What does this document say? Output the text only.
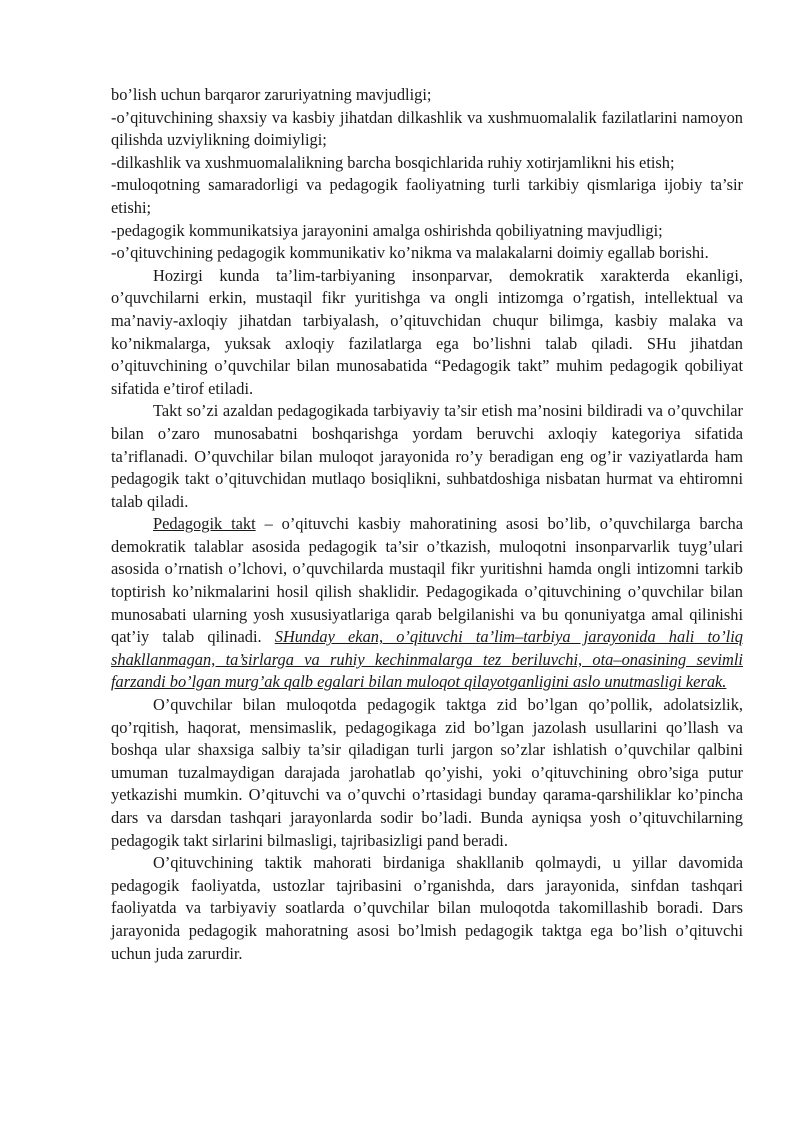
bo’lish uchun barqaror zaruriyatning mavjudligi;

-o’qituvchining shaxsiy va kasbiy jihatdan dilkashlik va xushmuomalalik fazilatlarini namoyon qilishda uzviylikning doimiyligi;

-dilkashlik va xushmuomalalikning barcha bosqichlarida ruhiy xotirjamlikni his etish;

-muloqotning samaradorligi va pedagogik faoliyatning turli tarkibiy qismlariga ijobiy ta’sir etishi;

-pedagogik kommunikatsiya jarayonini amalga oshirishda qobiliyatning mavjudligi;

-o’qituvchining pedagogik kommunikativ ko’nikma va malakalarni doimiy egallab borishi.

Hozirgi kunda ta’lim-tarbiyaning insonparvar, demokratik xarakterda ekanligi, o’quvchilarni erkin, mustaqil fikr yuritishga va ongli intizomga o’rgatish, intellektual va ma’naviy-axloqiy jihatdan tarbiyalash, o’qituvchidan chuqur bilimga, kasbiy malaka va ko’nikmalarga, yuksak axloqiy fazilatlarga ega bo’lishni talab qiladi. SHu jihatdan o’qituvchining o’quvchilar bilan munosabatida “Pedagogik takt” muhim pedagogik qobiliyat sifatida e’tirof etiladi.

Takt so’zi azaldan pedagogikada tarbiyaviy ta’sir etish ma’nosini bildiradi va o’quvchilar bilan o’zaro munosabatni boshqarishga yordam beruvchi axloqiy kategoriya sifatida ta’riflanadi. O’quvchilar bilan muloqot jarayonida ro’y beradigan eng og’ir vaziyatlarda ham pedagogik takt o’qituvchidan mutlaqo bosiqlikni, suhbatdoshiga nisbatan hurmat va ehtiromni talab qiladi.

Pedagogik takt – o’qituvchi kasbiy mahoratining asosi bo’lib, o’quvchilarga barcha demokratik talablar asosida pedagogik ta’sir o’tkazish, muloqotni insonparvarlik tuyg’ulari asosida o’rnatish o’lchovi, o’quvchilarda mustaqil fikr yuritishni hamda ongli intizomni tarkib toptirish ko’nikmalarini hosil qilish shaklidir. Pedagogikada o’qituvchining o’quvchilar bilan munosabati ularning yosh xususiyatlariga qarab belgilanishi va bu qonuniyatga amal qilinishi qat’iy talab qilinadi. SHunday ekan, o’qituvchi ta’lim–tarbiya jarayonida hali to’liq shakllanmagan, ta’sirlarga va ruhiy kechinmalarga tez beriluvchi, ota–onasining sevimli farzandi bo’lgan murg’ak qalb egalari bilan muloqot qilayotganligini aslo unutmasligi kerak.

O’quvchilar bilan muloqotda pedagogik taktga zid bo’lgan qo’pollik, adolatsizlik, qo’rqitish, haqorat, mensimaslik, pedagogikaga zid bo’lgan jazolash usullarini qo’llash va boshqa ular shaxsiga salbiy ta’sir qiladigan turli jargon so’zlar ishlatish o’quvchilar qalbini umuman tuzalmaydigan darajada jarohatlab qo’yishi, yoki o’qituvchining obro’siga putur yetkazishi mumkin. O’qituvchi va o’quvchi o’rtasidagi bunday qarama-qarshiliklar ko’pincha dars va darsdan tashqari jarayonlarda sodir bo’ladi. Bunda ayniqsa yosh o’qituvchilarning pedagogik takt sirlarini bilmasligi, tajribasizligi pand beradi.

O’qituvchining taktik mahorati birdaniga shakllanib qolmaydi, u yillar davomida pedagogik faoliyatda, ustozlar tajribasini o’rganishda, dars jarayonida, sinfdan tashqari faoliyatda va tarbiyaviy soatlarda o’quvchilar bilan muloqotda takomillashib boradi. Dars jarayonida pedagogik mahoratning asosi bo’lmish pedagogik taktga ega bo’lish o’qituvchi uchun juda zarurdir.
